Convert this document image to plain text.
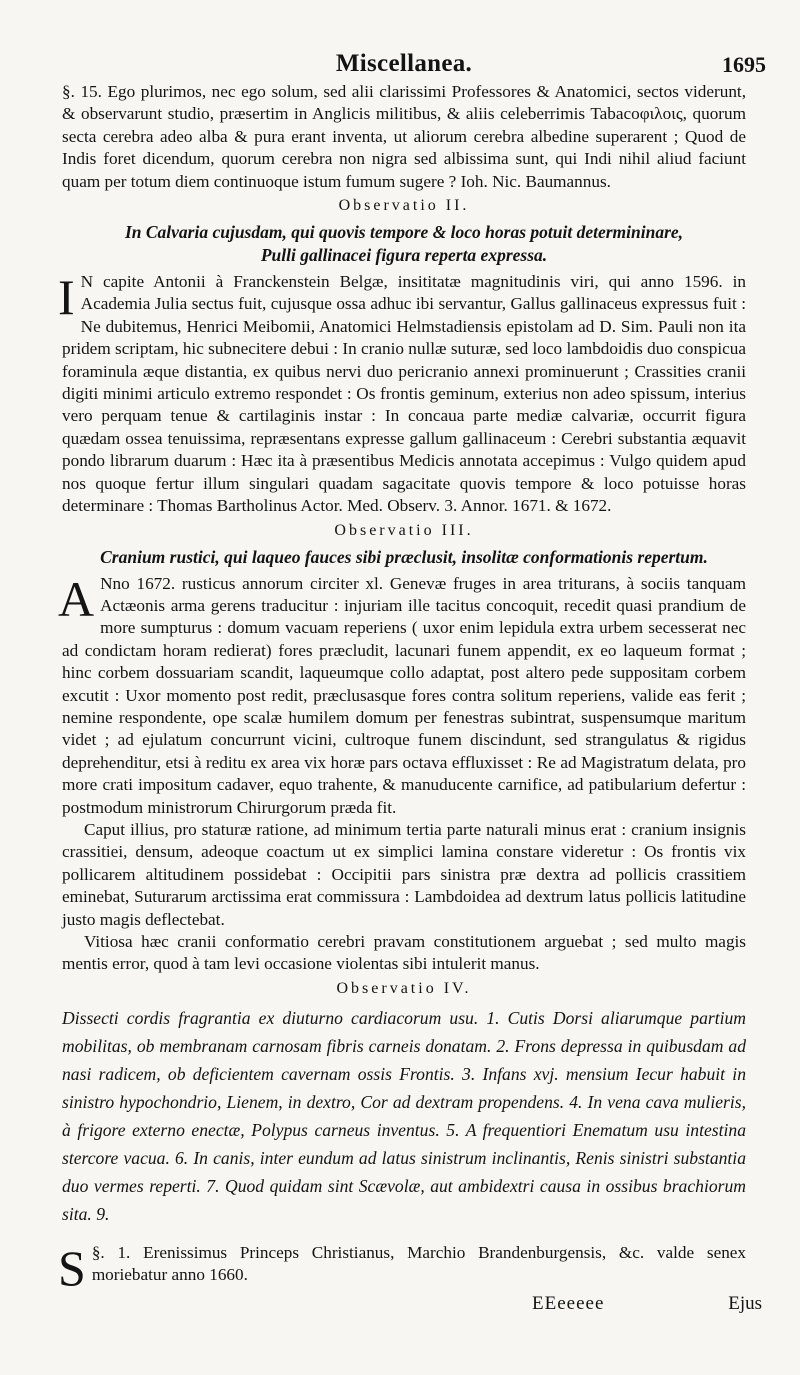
Miscellanea.	1695

§. 15. Ego plurimos, nec ego solum, sed alii clarissimi Professores & Anatomici, sectos viderunt, & observarunt studio, præsertim in Anglicis militibus, & aliis celeberrimis Tabacoφιλοις, quorum secta cerebra adeo alba & pura erant inventa, ut aliorum cerebra albedine superarent ; Quod de Indis foret dicendum, quorum cerebra non nigra sed albissima sunt, qui Indi nihil aliud faciunt quam per totum diem continuoque istum fumum sugere ? Ioh. Nic. Baumannus.

Observatio II.
In Calvaria cujusdam, qui quovis tempore & loco horas potuit determininare,
Pulli gallinacei figura reperta expressa.

I N capite Antonii à Franckenstein Belgæ, insititatæ magnitudinis viri, qui anno 1596. in Academia Julia sectus fuit, cujusque ossa adhuc ibi servantur, Gallus gallinaceus expressus fuit : Ne dubitemus, Henrici Meibomii, Anatomici Helmstadiensis epistolam ad D. Sim. Pauli non ita pridem scriptam, hic subnecitere debui : In cranio nullæ suturæ, sed loco lambdoidis duo conspicua foraminula æque distantia, ex quibus nervi duo pericranio annexi prominuerunt ; Crassities cranii digiti minimi articulo extremo respondet : Os frontis geminum, exterius non adeo spissum, interius vero perquam tenue & cartilaginis instar : In concaua parte mediæ calvariæ, occurrit figura quædam ossea tenuissima, repræsentans expresse gallum gallinaceum : Cerebri substantia æquavit pondo librarum duarum : Hæc ita à præsentibus Medicis annotata accepimus : Vulgo quidem apud nos quoque fertur illum singulari quadam sagacitate quovis tempore & loco potuisse horas determinare : Thomas Bartholinus Actor. Med. Observ. 3. Annor. 1671. & 1672.

Observatio III.
Cranium rustici, qui laqueo fauces sibi præclusit, insolitæ conformationis repertum.

A Nno 1672. rusticus annorum circiter xl. Genevæ fruges in area triturans, à sociis tanquam Actæonis arma gerens traducitur : injuriam ille tacitus concoquit, recedit quasi prandium de more sumpturus : domum vacuam reperiens ( uxor enim lepidula extra urbem secesserat nec ad condictam horam redierat) fores præcludit, lacunari funem appendit, ex eo laqueum format ; hinc corbem dossuariam scandit, laqueumque collo adaptat, post altero pede suppositam corbem excutit : Uxor momento post redit, præclusasque fores contra solitum reperiens, valide eas ferit ; nemine respondente, ope scalæ humilem domum per fenestras subintrat, suspensumque maritum videt ; ad ejulatum concurrunt vicini, cultroque funem discindunt, sed strangulatus & rigidus deprehenditur, etsi à reditu ex area vix horæ pars octava effluxisset : Re ad Magistratum delata, pro more crati impositum cadaver, equo trahente, & manuducente carnifice, ad patibularium defertur : postmodum ministrorum Chirurgorum præda fit.

Caput illius, pro staturæ ratione, ad minimum tertia parte naturali minus erat : cranium insignis crassitiei, densum, adeoque coactum ut ex simplici lamina constare videretur : Os frontis vix pollicarem altitudinem possidebat : Occipitii pars sinistra præ dextra ad pollicis crassitiem eminebat, Suturarum arctissima erat commissura : Lambdoidea ad dextrum latus pollicis latitudine justo magis deflectebat.

Vitiosa hæc cranii conformatio cerebri pravam constitutionem arguebat ; sed multo magis mentis error, quod à tam levi occasione violentas sibi intulerit manus.

Observatio IV.
Dissecti cordis fragrantia ex diuturno cardiacorum usu. 1. Cutis Dorsi aliarumque partium mobilitas, ob membranam carnosam fibris carneis donatam. 2. Frons depressa in quibusdam ad nasi radicem, ob deficientem cavernam ossis Frontis. 3. Infans xvj. mensium Iecur habuit in sinistro hypochondrio, Lienem, in dextro, Cor ad dextram propendens. 4. In vena cava mulieris, à frigore externo enectæ, Polypus carneus inventus. 5. A frequentiori Enematum usu intestina stercore vacua. 6. In canis, inter eundum ad latus sinistrum inclinantis, Renis sinistri substantia duo vermes reperti. 7. Quod quidam sint Scævolæ, aut ambidextri causa in ossibus brachiorum sita. 9.

§. 1.
S	Erenissimus Princeps Christianus, Marchio Brandenburgensis, &c. valde senex moriebatur anno 1660.

EEeeeee	Ejus
